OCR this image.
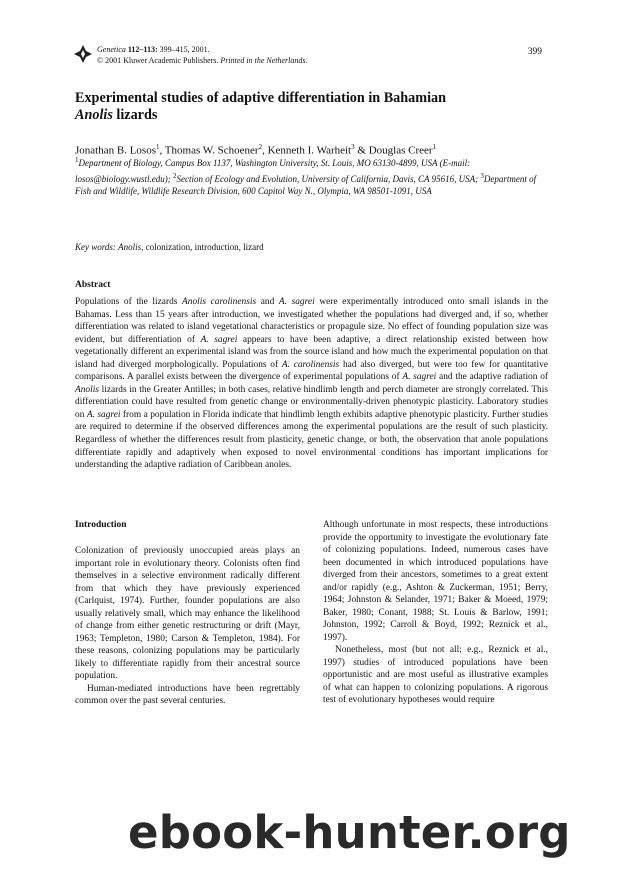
Genetica 112–113: 399–415, 2001.
© 2001 Kluwer Academic Publishers. Printed in the Netherlands.
399
Experimental studies of adaptive differentiation in Bahamian
Anolis lizards
Jonathan B. Losos$^1$, Thomas W. Schoener$^2$, Kenneth I. Warheit$^3$ & Douglas Creer$^1$
$^1$Department of Biology, Campus Box 1137, Washington University, St. Louis, MO 63130-4899, USA (E-mail: losos@biology.wustl.edu); $^2$Section of Ecology and Evolution, University of California, Davis, CA 95616, USA; $^3$Department of Fish and Wildlife, Wildlife Research Division, 600 Capitol Way N., Olympia, WA 98501-1091, USA
Key words: Anolis, colonization, introduction, lizard
Abstract
Populations of the lizards Anolis carolinensis and A. sagrei were experimentally introduced onto small islands in the Bahamas. Less than 15 years after introduction, we investigated whether the populations had diverged and, if so, whether differentiation was related to island vegetational characteristics or propagule size. No effect of founding population size was evident, but differentiation of A. sagrei appears to have been adaptive, a direct relationship existed between how vegetationally different an experimental island was from the source island and how much the experimental population on that island had diverged morphologically. Populations of A. carolinensis had also diverged, but were too few for quantitative comparisons. A parallel exists between the divergence of experimental populations of A. sagrei and the adaptive radiation of Anolis lizards in the Greater Antilles; in both cases, relative hindlimb length and perch diameter are strongly correlated. This differentiation could have resulted from genetic change or environmentally-driven phenotypic plasticity. Laboratory studies on A. sagrei from a population in Florida indicate that hindlimb length exhibits adaptive phenotypic plasticity. Further studies are required to determine if the observed differences among the experimental populations are the result of such plasticity. Regardless of whether the differences result from plasticity, genetic change, or both, the observation that anole populations differentiate rapidly and adaptively when exposed to novel environmental conditions has important implications for understanding the adaptive radiation of Caribbean anoles.
Introduction

Colonization of previously unoccupied areas plays an important role in evolutionary theory. Colonists often find themselves in a selective environment radically different from that which they have previously experienced (Carlquist, 1974). Further, founder populations are also usually relatively small, which may enhance the likelihood of change from either genetic restructuring or drift (Mayr, 1963; Templeton, 1980; Carson & Templeton, 1984). For these reasons, colonizing populations may be particularly likely to differentiate rapidly from their ancestral source population.

Human-mediated introductions have been regrettably common over the past several centuries.

Although unfortunate in most respects, these introductions provide the opportunity to investigate the evolutionary fate of colonizing populations. Indeed, numerous cases have been documented in which introduced populations have diverged from their ancestors, sometimes to a great extent and/or rapidly (e.g., Ashton & Zuckerman, 1951; Berry, 1964; Johnston & Selander, 1971; Baker & Moeed, 1979; Baker, 1980; Conant, 1988; St. Louis & Barlow, 1991; Johnston, 1992; Carroll & Boyd, 1992; Reznick et al., 1997).

Nonetheless, most (but not all; e.g., Reznick et al., 1997) studies of introduced populations have been opportunistic and are most useful as illustrative examples of what can happen to colonizing populations. A rigorous test of evolutionary hypotheses would require

ebook-hunter.org
